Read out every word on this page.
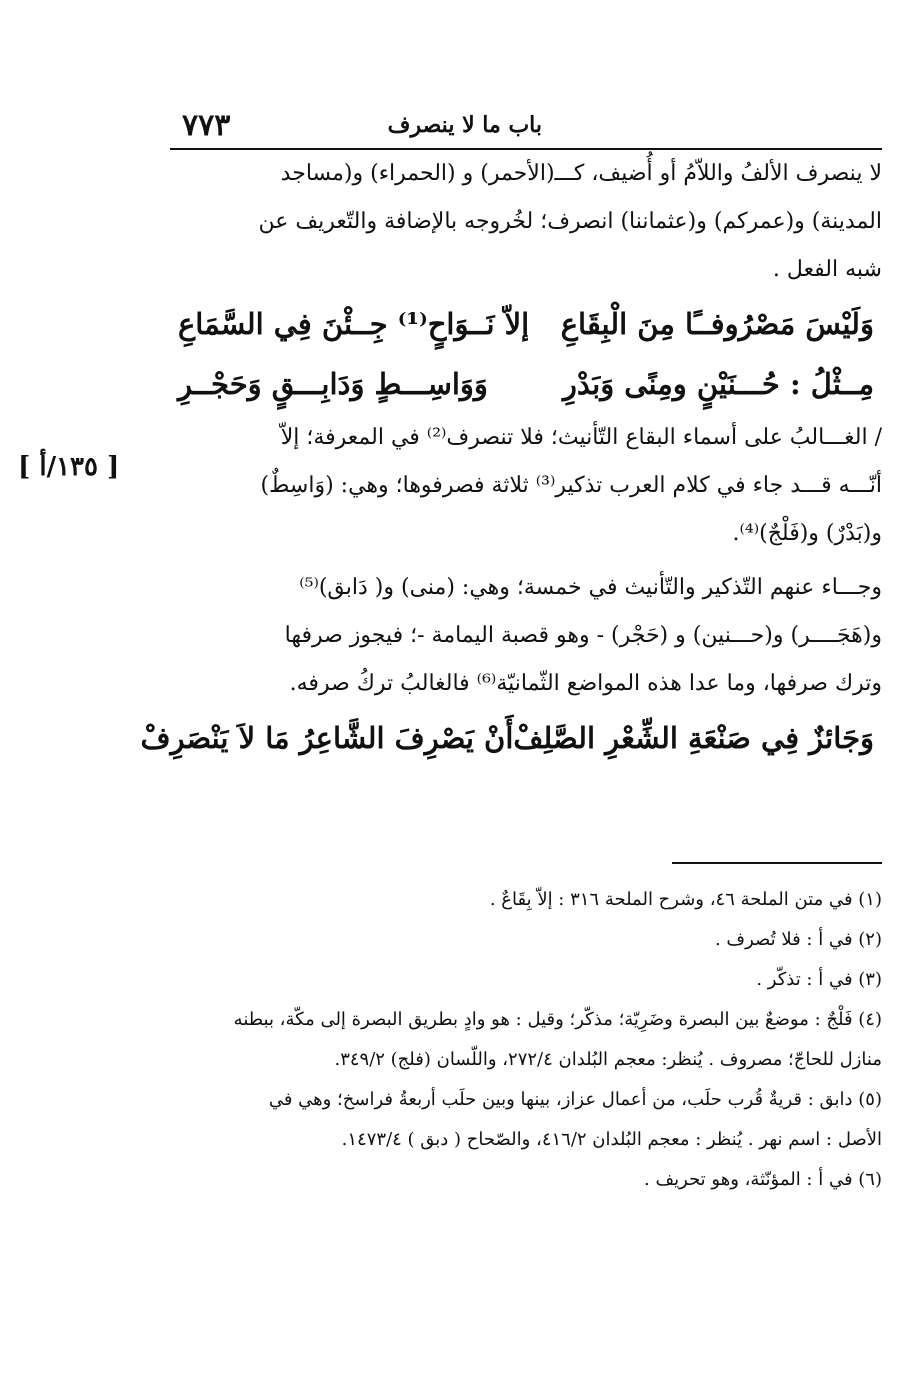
٧٧٣	باب ما لا ينصرف
[ ١٣٥/أ ]

لا ينصرف الألفُ واللاّمُ أو أُضيف، كـــ(الأحمر) و (الحمراء) و(مساجد

المدينة) و(عمركم) و(عثماننا) انصرف؛ لخُروجه بالإضافة والتّعريف عن

شبه الفعل .

وَلَيْسَ مَصْرُوفــًا مِنَ الْبِقَاعِ
إلاّ نَــوَاحٍ⁽¹⁾ جِــئْنَ فِي السَّمَاعِ
مِــثْلُ : حُـــنَيْنٍ ومِنًى وَبَدْرِ
وَوَاسِـــطٍ وَدَابِـــقٍ وَحَجْــرِ

/ الغـــالبُ على أسماء البقاع التّأنيث؛ فلا تنصرف⁽²⁾ في المعرفة؛ إلاّ

أنّـــه قـــد جاء في كلام العرب تذكير⁽³⁾ ثلاثة فصرفوها؛ وهي: (وَاسِطٌ)

و(بَدْرٌ) و(فَلْجٌ)⁽⁴⁾.

وجـــاء عنهم التّذكير والتّأنيث في خمسة؛ وهي: (منى) و( دَابق)⁽⁵⁾

و(هَجَــــر) و(حـــنين) و (حَجْر) - وهو قصبة اليمامة -؛ فيجوز صرفها

وترك صرفها، وما عدا هذه المواضع الثّمانيّة⁽⁶⁾ فالغالبُ تركُ صرفه.

وَجَائزٌ فِي صَنْعَةِ الشِّعْرِ الصَّلِفْ
أَنْ يَصْرِفَ الشَّاعِرُ مَا لاَ يَنْصَرِفْ

(١) في متن الملحة ٤٦، وشرح الملحة ٣١٦ : إلاّ بِقَاعٌ .

(٢) في أ : فلا تُصرف .

(٣) في أ : تذكّر .

(٤) فَلْجٌ : موضعٌ بين البصرة وضَرِيّة؛ مذكّر؛ وقيل : هو وادٍ بطريق البصرة إلى مكّة، ببطنه

منازل للحاجّ؛ مصروف . يُنظر: معجم البُلدان ٢٧٢/٤، واللّسان (فلج) ٣٤٩/٢.

(٥) دابق : قريةٌ قُرب حلَب، من أعمال عزاز، بينها وبين حلَب أربعةُ فراسخ؛ وهي في

الأصل : اسم نهر . يُنظر : معجم البُلدان ٤١٦/٢، والصّحاح ( دبق ) ١٤٧٣/٤.

(٦) في أ : المؤنّثة، وهو تحريف .
